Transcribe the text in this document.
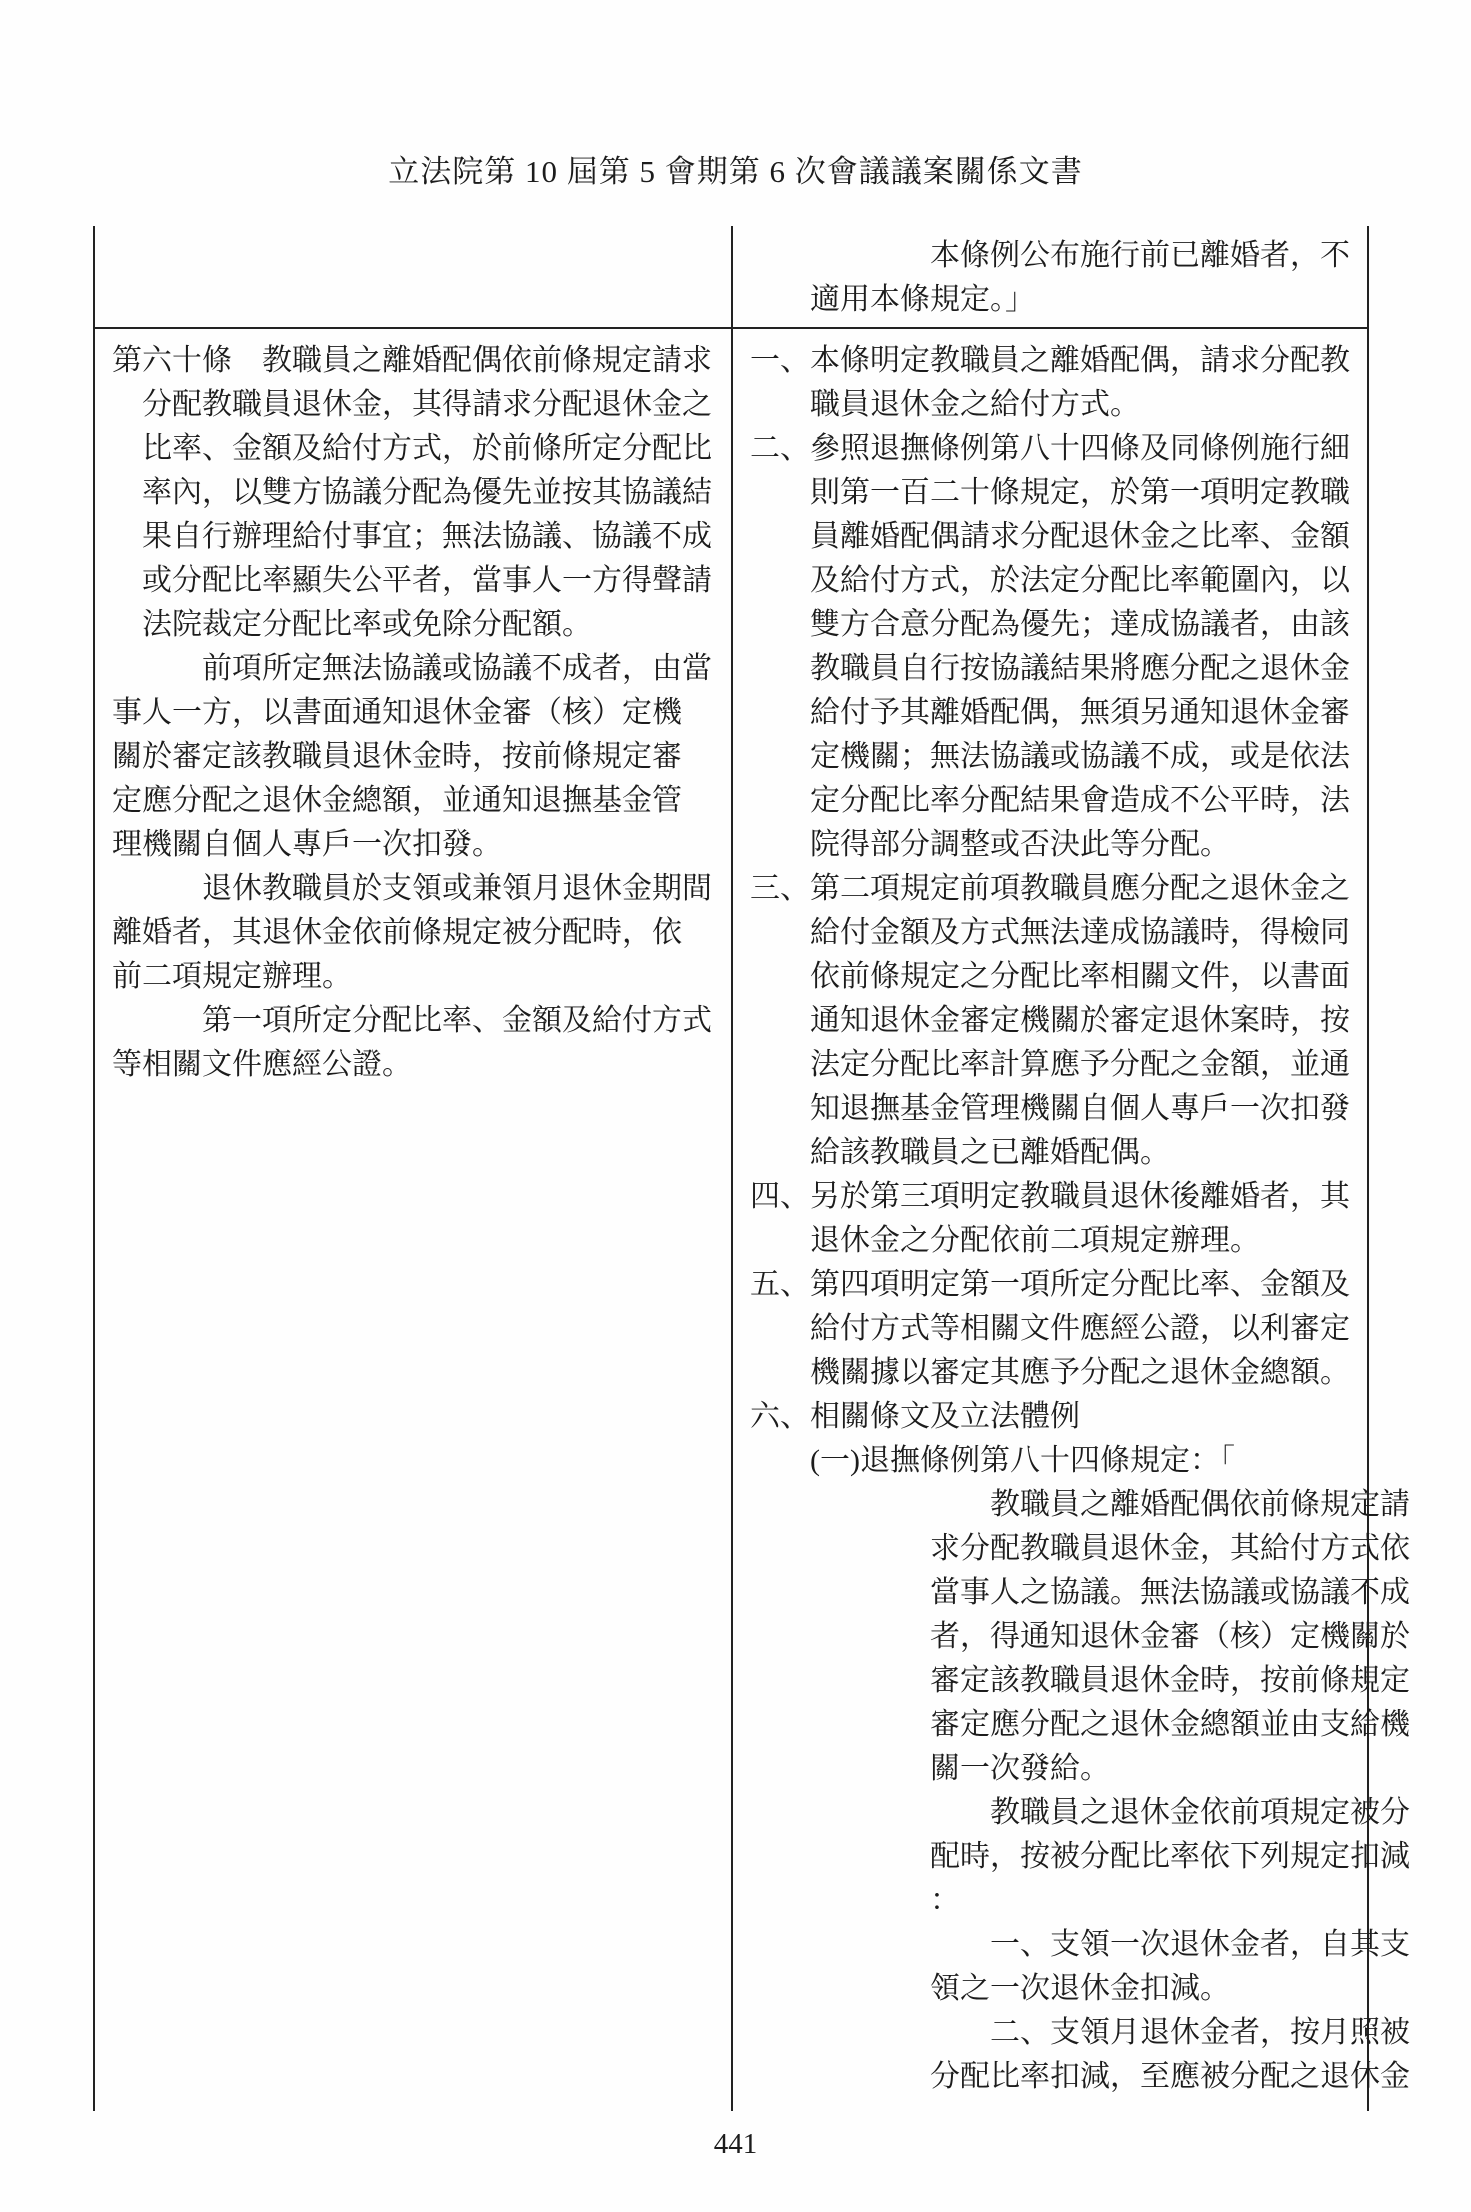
立法院第 10 屆第 5 會期第 6 次會議議案關係文書
本條例公布施行前已離婚者，不
適用本條規定。」
第六十條　教職員之離婚配偶依前條規定請求
分配教職員退休金，其得請求分配退休金之
比率、金額及給付方式，於前條所定分配比
率內，以雙方協議分配為優先並按其協議結
果自行辦理給付事宜；無法協議、協議不成
或分配比率顯失公平者，當事人一方得聲請
法院裁定分配比率或免除分配額。
前項所定無法協議或協議不成者，由當
事人一方，以書面通知退休金審（核）定機
關於審定該教職員退休金時，按前條規定審
定應分配之退休金總額，並通知退撫基金管
理機關自個人專戶一次扣發。
退休教職員於支領或兼領月退休金期間
離婚者，其退休金依前條規定被分配時，依
前二項規定辦理。
第一項所定分配比率、金額及給付方式
等相關文件應經公證。
一、本條明定教職員之離婚配偶，請求分配教
職員退休金之給付方式。
二、參照退撫條例第八十四條及同條例施行細
則第一百二十條規定，於第一項明定教職
員離婚配偶請求分配退休金之比率、金額
及給付方式，於法定分配比率範圍內，以
雙方合意分配為優先；達成協議者，由該
教職員自行按協議結果將應分配之退休金
給付予其離婚配偶，無須另通知退休金審
定機關；無法協議或協議不成，或是依法
定分配比率分配結果會造成不公平時，法
院得部分調整或否決此等分配。
三、第二項規定前項教職員應分配之退休金之
給付金額及方式無法達成協議時，得檢同
依前條規定之分配比率相關文件，以書面
通知退休金審定機關於審定退休案時，按
法定分配比率計算應予分配之金額，並通
知退撫基金管理機關自個人專戶一次扣發
給該教職員之已離婚配偶。
四、另於第三項明定教職員退休後離婚者，其
退休金之分配依前二項規定辦理。
五、第四項明定第一項所定分配比率、金額及
給付方式等相關文件應經公證，以利審定
機關據以審定其應予分配之退休金總額。
六、相關條文及立法體例
(一)退撫條例第八十四條規定：「
教職員之離婚配偶依前條規定請
求分配教職員退休金，其給付方式依
當事人之協議。無法協議或協議不成
者，得通知退休金審（核）定機關於
審定該教職員退休金時，按前條規定
審定應分配之退休金總額並由支給機
關一次發給。
教職員之退休金依前項規定被分
配時，按被分配比率依下列規定扣減
：
一、支領一次退休金者，自其支
領之一次退休金扣減。
二、支領月退休金者，按月照被
分配比率扣減，至應被分配之退休金
441
